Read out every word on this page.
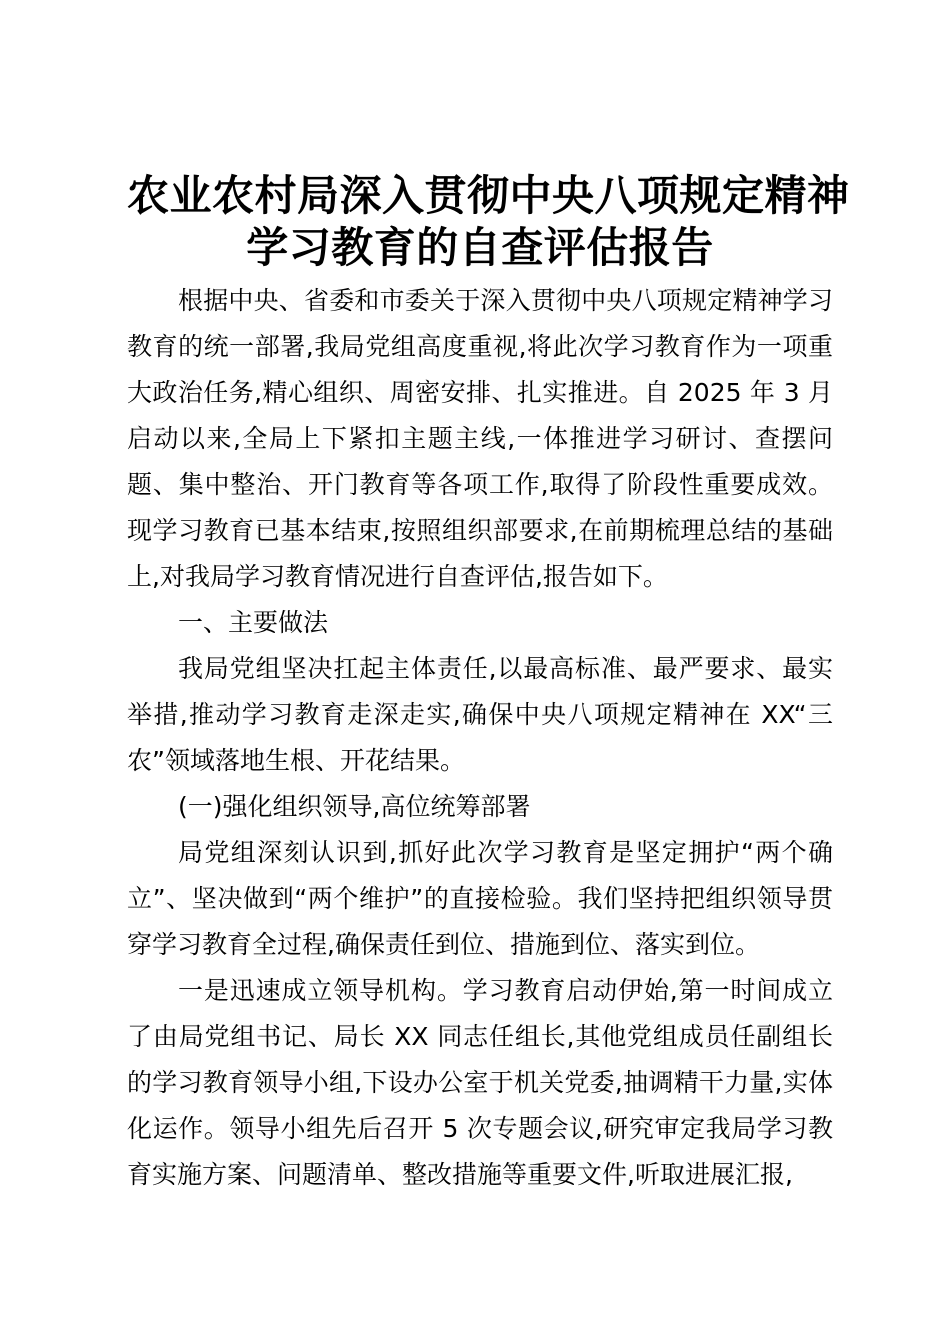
农业农村局深入贯彻中央八项规定精神
学习教育的自查评估报告

根据中央、省委和市委关于深入贯彻中央八项规定精神学习教育的统一部署,我局党组高度重视,将此次学习教育作为一项重大政治任务,精心组织、周密安排、扎实推进。自 2025 年 3 月启动以来,全局上下紧扣主题主线,一体推进学习研讨、查摆问题、集中整治、开门教育等各项工作,取得了阶段性重要成效。现学习教育已基本结束,按照组织部要求,在前期梳理总结的基础上,对我局学习教育情况进行自查评估,报告如下。

一、主要做法

我局党组坚决扛起主体责任,以最高标准、最严要求、最实举措,推动学习教育走深走实,确保中央八项规定精神在 XX“三农”领域落地生根、开花结果。

(一)强化组织领导,高位统筹部署

局党组深刻认识到,抓好此次学习教育是坚定拥护“两个确立”、坚决做到“两个维护”的直接检验。我们坚持把组织领导贯穿学习教育全过程,确保责任到位、措施到位、落实到位。

一是迅速成立领导机构。学习教育启动伊始,第一时间成立了由局党组书记、局长 XX 同志任组长,其他党组成员任副组长的学习教育领导小组,下设办公室于机关党委,抽调精干力量,实体化运作。领导小组先后召开 5 次专题会议,研究审定我局学习教育实施方案、问题清单、整改措施等重要文件,听取进展汇报,
